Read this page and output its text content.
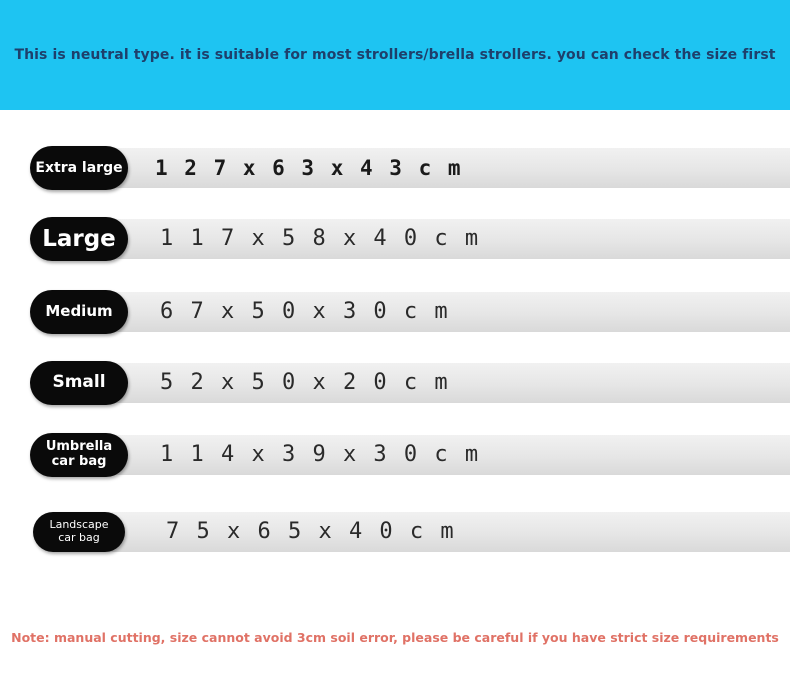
This is neutral type. it is suitable for most strollers/brella strollers. you can check the size first
Extra large 1 2 7 x 6 3 x 4 3 c m
Large 1 1 7 x 5 8 x 4 0 c m
Medium 6 7 x 5 0 x 3 0 c m
Small 5 2 x 5 0 x 2 0 c m
Umbrella
car bag 1 1 4 x 3 9 x 3 0 c m
Landscape
car bag	7 5 x 6 5 x 4 0 c m
Note: manual cutting, size cannot avoid 3cm soil error, please be careful if you have strict size requirements
